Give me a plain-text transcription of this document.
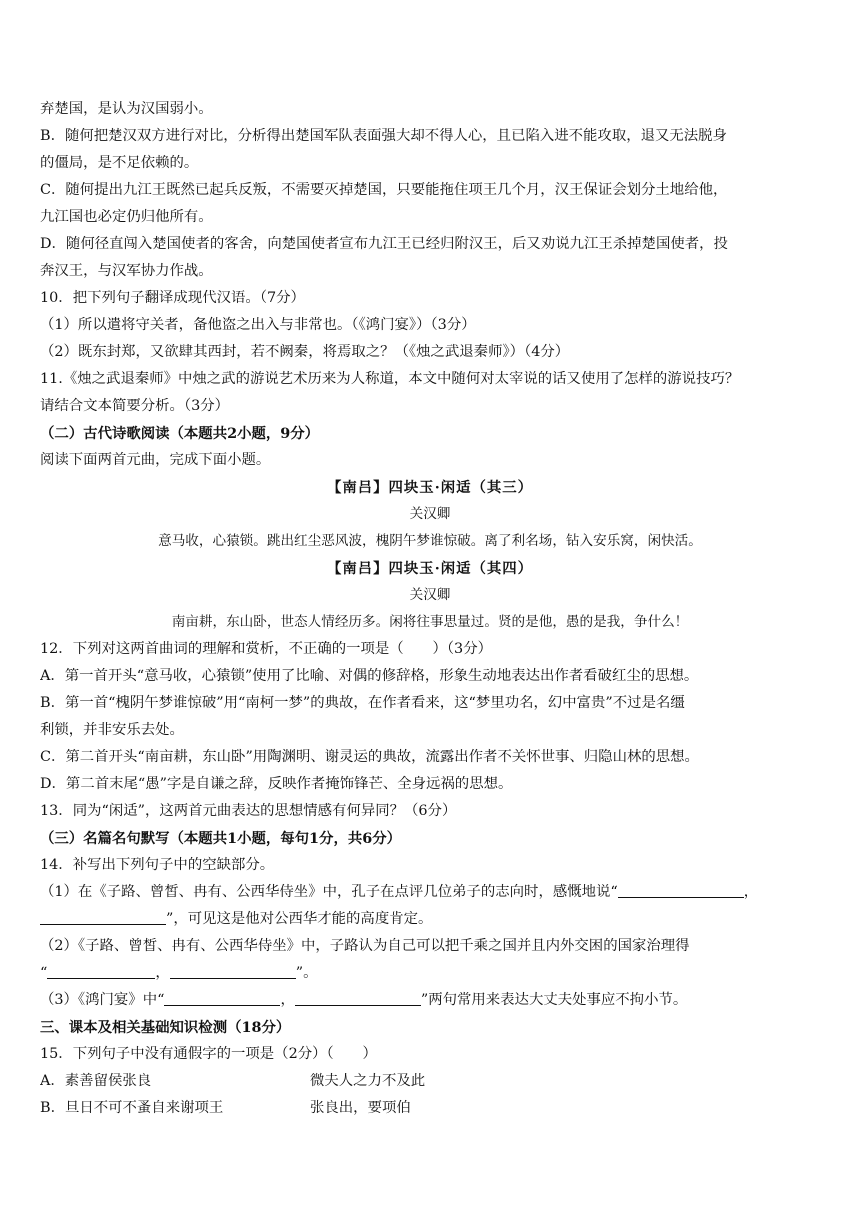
弃楚国，是认为汉国弱小。
B．随何把楚汉双方进行对比，分析得出楚国军队表面强大却不得人心，且已陷入进不能攻取，退又无法脱身
的僵局，是不足依赖的。
C．随何提出九江王既然已起兵反叛，不需要灭掉楚国，只要能拖住项王几个月，汉王保证会划分土地给他，
九江国也必定仍归他所有。
D．随何径直闯入楚国使者的客舍，向楚国使者宣布九江王已经归附汉王，后又劝说九江王杀掉楚国使者，投
奔汉王，与汉军协力作战。
10．把下列句子翻译成现代汉语。（7分）
（1）所以遣将守关者，备他盗之出入与非常也。（《鸿门宴》）（3分）
（2）既东封郑，又欲肆其西封，若不阙秦，将焉取之？（《烛之武退秦师》）（4分）
11.《烛之武退秦师》中烛之武的游说艺术历来为人称道，本文中随何对太宰说的话又使用了怎样的游说技巧？
请结合文本简要分析。（3分）
（二）古代诗歌阅读（本题共2小题，9分）
阅读下面两首元曲，完成下面小题。
【南吕】四块玉·闲适（其三）
关汉卿
意马收，心猿锁。跳出红尘恶风波，槐阴午梦谁惊破。离了利名场，钻入安乐窝，闲快活。
【南吕】四块玉·闲适（其四）
关汉卿
南亩耕，东山卧，世态人情经历多。闲将往事思量过。贤的是他，愚的是我，争什么！
12．下列对这两首曲词的理解和赏析，不正确的一项是（　　）（3分）
A．第一首开头“意马收，心猿锁”使用了比喻、对偶的修辞格，形象生动地表达出作者看破红尘的思想。
B．第一首“槐阴午梦谁惊破”用“南柯一梦”的典故，在作者看来，这“梦里功名，幻中富贵”不过是名缰
利锁，并非安乐去处。
C．第二首开头“南亩耕，东山卧”用陶渊明、谢灵运的典故，流露出作者不关怀世事、归隐山林的思想。
D．第二首末尾“愚”字是自谦之辞，反映作者掩饰锋芒、全身远祸的思想。
13．同为“闲适”，这两首元曲表达的思想情感有何异同？（6分）
（三）名篇名句默写（本题共1小题，每句1分，共6分）
14．补写出下列句子中的空缺部分。
（1）在《子路、曾皙、冉有、公西华侍坐》中，孔子在点评几位弟子的志向时，感慨地说“	，
”，可见这是他对公西华才能的高度肯定。
（2）《子路、曾皙、冉有、公西华侍坐》中，子路认为自己可以把千乘之国并且内外交困的国家治理得
“	，	”。
（3）《鸿门宴》中“	，	”两句常用来表达大丈夫处事应不拘小节。
三、课本及相关基础知识检测（18分）
15．下列句子中没有通假字的一项是（2分）（　　）
A．素善留侯张良	微夫人之力不及此
B．旦日不可不蚤自来谢项王	张良出，要项伯
